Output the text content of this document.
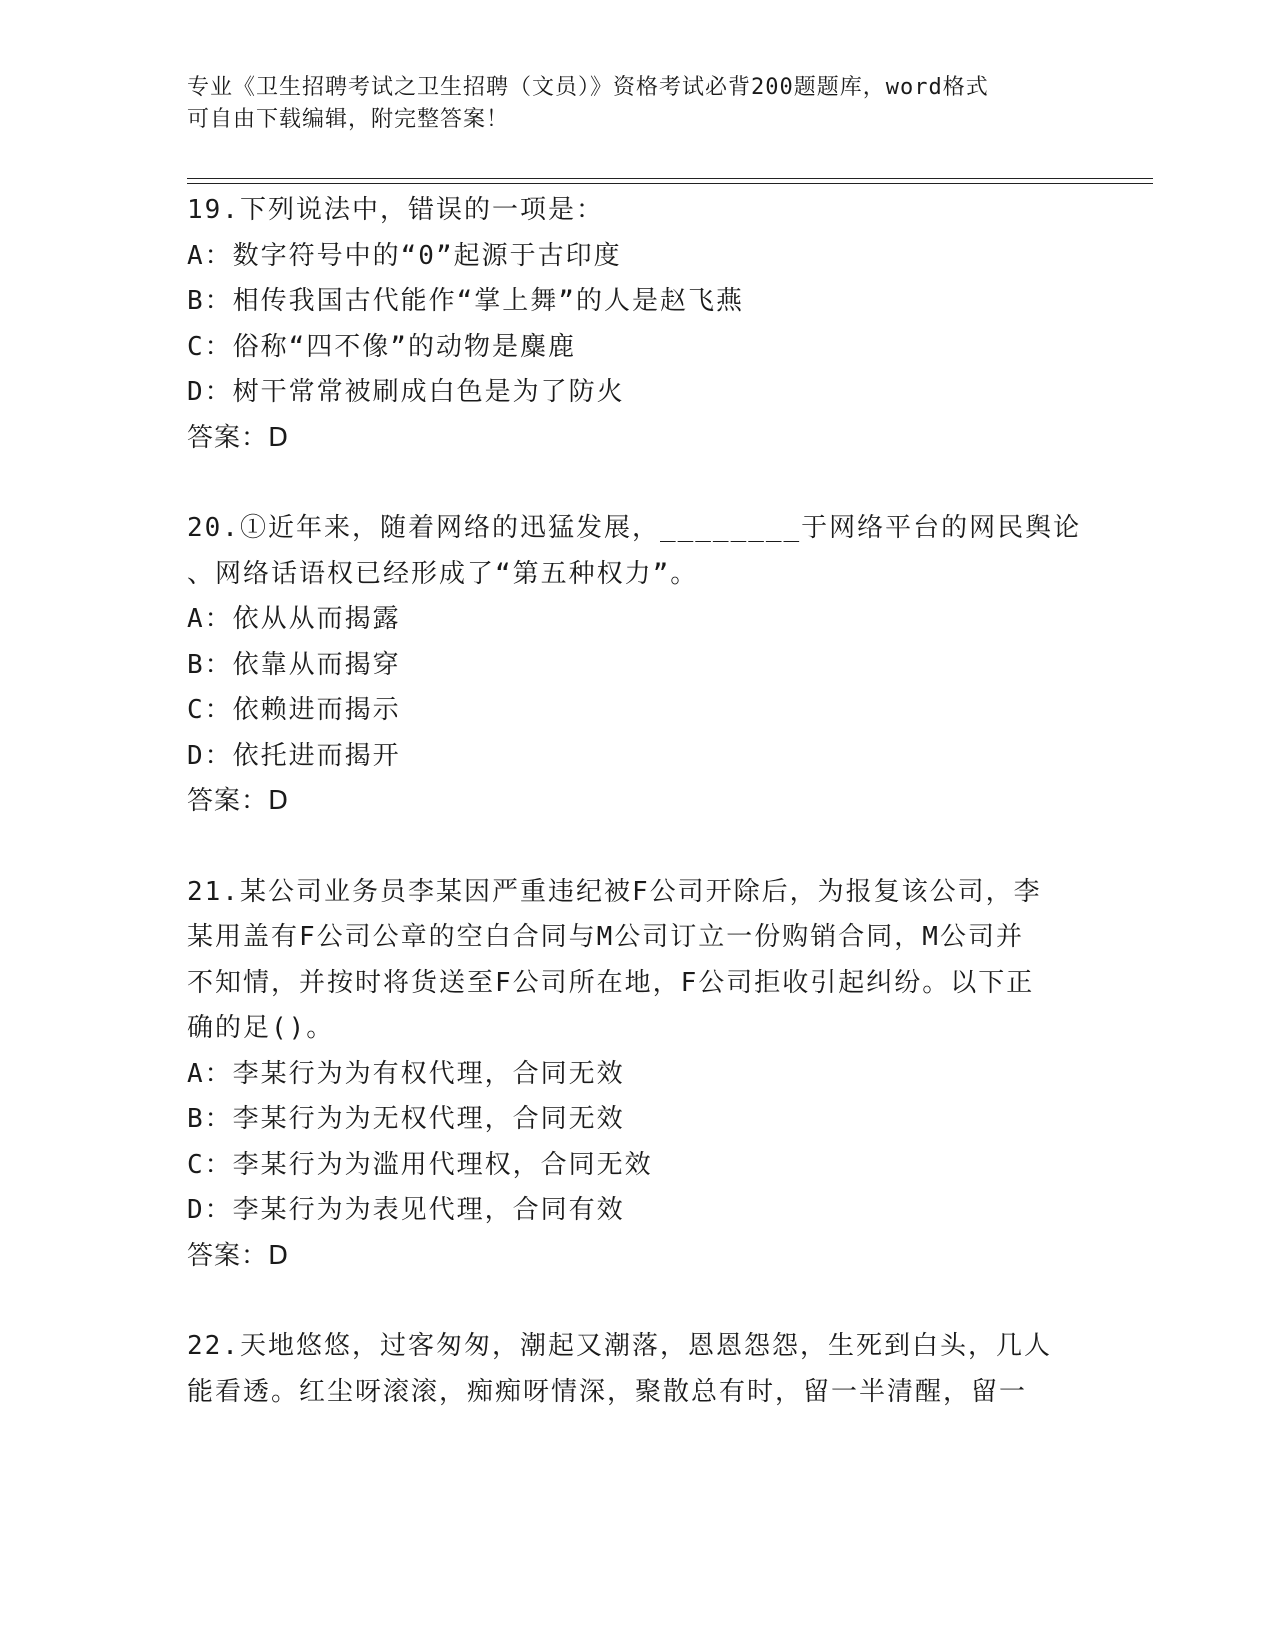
专业《卫生招聘考试之卫生招聘（文员）》资格考试必背200题题库，word格式
可自由下载编辑，附完整答案！
19.下列说法中，错误的一项是：
A：数字符号中的“0”起源于古印度
B：相传我国古代能作“掌上舞”的人是赵飞燕
C：俗称“四不像”的动物是麋鹿
D：树干常常被刷成白色是为了防火
答案：D
20.①近年来，随着网络的迅猛发展，________于网络平台的网民舆论
、网络话语权已经形成了“第五种权力”。
A：依从从而揭露
B：依靠从而揭穿
C：依赖进而揭示
D：依托进而揭开
答案：D
21.某公司业务员李某因严重违纪被F公司开除后，为报复该公司，李
某用盖有F公司公章的空白合同与M公司订立一份购销合同，M公司并
不知情，并按时将货送至F公司所在地，F公司拒收引起纠纷。以下正
确的足()。
A：李某行为为有权代理，合同无效
B：李某行为为无权代理，合同无效
C：李某行为为滥用代理权，合同无效
D：李某行为为表见代理，合同有效
答案：D
22.天地悠悠，过客匆匆，潮起又潮落，恩恩怨怨，生死到白头，几人
能看透。红尘呀滚滚，痴痴呀情深，聚散总有时，留一半清醒，留一
